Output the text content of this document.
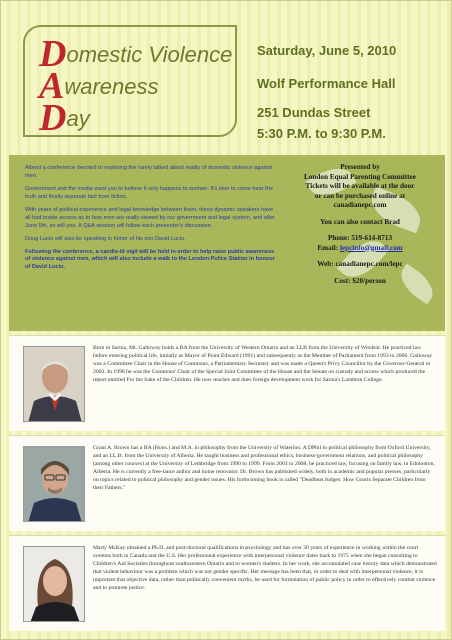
Domestic Violence
Awareness
Day
Saturday, June 5, 2010
Wolf Performance Hall
251 Dundas Street
5:30 P.M. to 9:30 P.M.

Attend a conference devoted to exploring the rarely talked about reality of domestic violence against men.

Government and the media want you to believe it only happens to women. It's time to come hear the truth and finally separate fact from fiction.

With years of political experience and legal knowledge between them, these dynamic speakers have all had inside access as to how men are really viewed by our government and legal system, and after June 5th, so will you. A Q&A session will follow each presenter's discussion.

Doug Lucio will also be speaking in honor of his son David Lucio.

Following the conference, a candle-lit vigil will be held in order to help raise public awareness of violence against men, which will also include a walk to the London Police Station in honour of David Lucio.

Presented by
London Equal Parenting Committee
Tickets will be available at the door
or can be purchased online at
canadianepc.com
You can also contact Brad
Phone: 519-614-8713
Email: lepcinfo@gmail.com
Web: canadianepc.com/lepc
Cost: $20/person
Born in Sarnia, Mr. Galloway holds a BA from the University of Western Ontario and an LLB from the University of Windsor. He practiced law before entering political life, initially as Mayor of Point Edward (1991) and subsequently as the Member of Parliament from 1993 to 2006. Galloway was a Committee Chair in the House of Commons, a Parliamentary Secretary and was made a Queen's Privy Councillor by the Governor-General in 2003. In 1998 he was the Commons' Chair of the Special Joint Committee of the House and the Senate on custody and access which produced the report entitled For the Sake of the Children. He now teaches and does foreign development work for Sarnia's Lambton College.
Grant A. Brown has a BA (Hons.) and M.A. in philosophy from the University of Waterloo. A DPhil in political philosophy from Oxford University, and an LL.B. from the University of Alberta. He taught business and professional ethics, business-government relations, and political philosophy (among other courses) at the University of Lethbridge from 1990 to 1999. From 2003 to 2008, he practiced law, focusing on family law, in Edmonton, Alberta. He is currently a free-lance author and home renovator. Dr. Brown has published widely, both in academic and popular presses, particularly on topics related to political philosophy and gender issues. His forthcoming book is called "Deadbeat Judges: How Courts Separate Children from their Fathers."
Marty McKay obtained a Ph.D. and post-doctoral qualifications in psychology and has over 30 years of experience in working within the court systems both in Canada and the U.S. Her professional experience with interpersonal violence dates back to 1975 when she began consulting to Children's Aid Societies throughout southwestern Ontario and to women's shelters. In her work, she accumulated case history data which demonstrated that violent behaviour was a problem which was not gender specific. Her message has been that, in order to deal with interpersonal violence, it is important that objective data, rather than politically convenient myths, be used for formulation of public policy in order to effectively combat violence and to promote justice.
